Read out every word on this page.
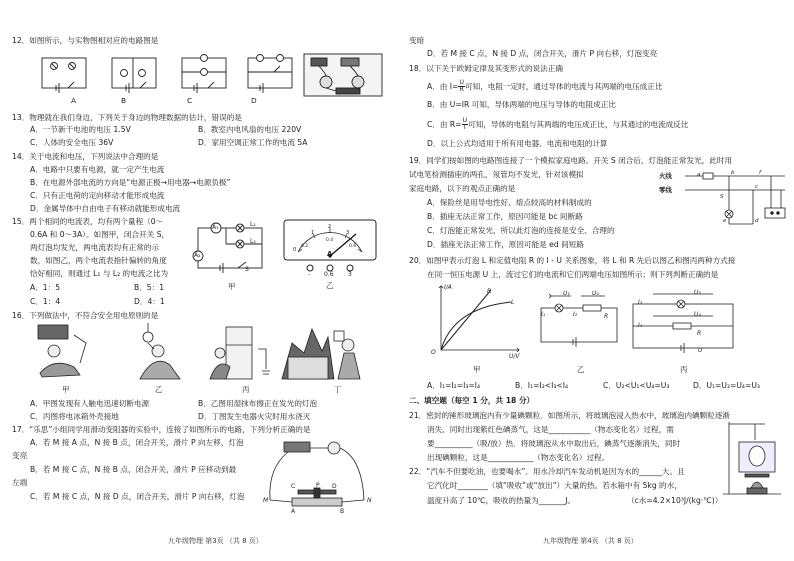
12．如图所示，与实物图相对应的电路图是
A	B	C	D
13．物理就在我们身边，下列关于身边的物理数据的估计，错误的是
A．一节新干电池的电压 1.5V	B．教室内电风扇的电压 220V
C．人体的安全电压 36V	D．家用空调正常工作的电流 5A
14．关于电流和电压，下列说法中合理的是
A．电路中只要有电源，就一定产生电流
B．在电源外部电流的方向是“电源正极→用电器→电源负极”
C．只有正电荷的定向移动才能形成电流
D．金属导体中自由电子有移动就能形成电流
15．两个相同的电流表，均有两个量程（0～
0.6A 和 0～3A）。如图甲，闭合开关 S，
两灯泡均发光，两电流表均有正常的示
数，如图乙，两个电流表指针偏转的角度
恰好相同，则通过 L₁ 与 L₂ 的电流之比为
A．1：5	B．5：1
C．1：4	D．4：1
A₁
A₂
L₁
L₂
S
甲
0
1
2
3
0.2
0.4
0.6
A
- 0.6 3
乙
16．下列做法中，不符合安全用电原则的是
甲	乙	丙	丁
A．甲图发现有人触电迅速切断电源	B．乙图用湿抹布擦正在发光的灯泡
C．丙图将电冰箱外壳接地	D．丁图发生电器火灾时用水浇灭
17．“乐思”小组同学用滑动变阻器的实验中，连接了如图所示的电路，下列分析正确的是
A．若 M 接 A 点，N 接 B 点，闭合开关，滑片 P 向左移，灯泡
变亮
B．若 M 接 C 点，N 接 B 点，闭合开关，滑片 P 应移动到最
左端
C．若 M 接 C 点，N 接 D 点，闭合开关，滑片 P 向右移，灯泡	M	N
C	D
A	B
P
九年级物理 第3页 （共 8 页）
变暗
D．若 M 接 C 点，N 接 D 点，闭合开关，滑片 P 向右移，灯泡变亮
18．以下关于欧姆定律及其变形式的说法正确
A．由 $I= \frac{U}{R}$ 可知，电阻一定时，通过导体的电流与其两端的电压成正比
B．由 U=IR 可知，导体两端的电压与导体的电阻成正比
C．由 $R= \frac{U}{I}$ 可知，导体的电阻与其两端的电压成正比，与其通过的电流成反比
D．以上公式均适用于所有用电器、电流和电阻的计算
19．同学们按如图的电路图连接了一个模拟家庭电路。开关 S 闭合后，灯泡能正常发光，此时用
试电笔检测插座的两孔，氖管均不发光，针对该模拟
家庭电路，以下的观点正确的是
A．保险丝是用导电性好、熔点较高的材料制成的
B．插座无法正常工作，原因可能是 bc 间断路
C．灯泡能正常发光，所以此灯泡的连接是安全、合理的
D．插座无法正常工作，原因可能是 ed 间短路
火线
零线
a	b
c
d
e
f
S
20．如图甲表示灯泡 L 和定值电阻 R 的 I - U 关系图象，将 L 和 R 先后以图乙和图丙两种方式接
在同一恒压电源 U 上，流过它们的电流和它们两端电压如图所示；则下列判断正确的是
I/A
U/V
O
R
L
U₁	U₂
I₁	I₂	R
U₃
U₄
I₃
I₄
R
U
甲	乙	丙
A．I₁=I₂=I₃=I₄	B．I₁=I₂<I₃<I₄	C．U₂<U₁<U₄=U₃	D．U₁=U₂=U₄=U₃
二、填空题（每空 1 分，共 18 分）
21．密封的锤形玻璃泡内有少量碘颗粒．如图所示，将玻璃泡浸入热水中，玻璃泡内碘颗粒逐渐
消失、同时出现紫红色碘蒸气，这是___________（物态变化名）过程，需
要__________（吸/放）热．将玻璃泡从水中取出后，碘蒸气逐渐消失，同时
出现碘颗粒，这是____________（物态变化名）过程。
22．“汽车不但要吃油，也要喝水”．用水冷却汽车发动机是因为水的______大。且
它汽化时________（填“吸收”或“放出”）大量的热。若水箱中有 5kg 的水，
温度升高了 10℃，吸收的热量为_______J。	（c水=4.2×10³J/(kg·℃)）
九年级物理 第4页 （共 8 页）
